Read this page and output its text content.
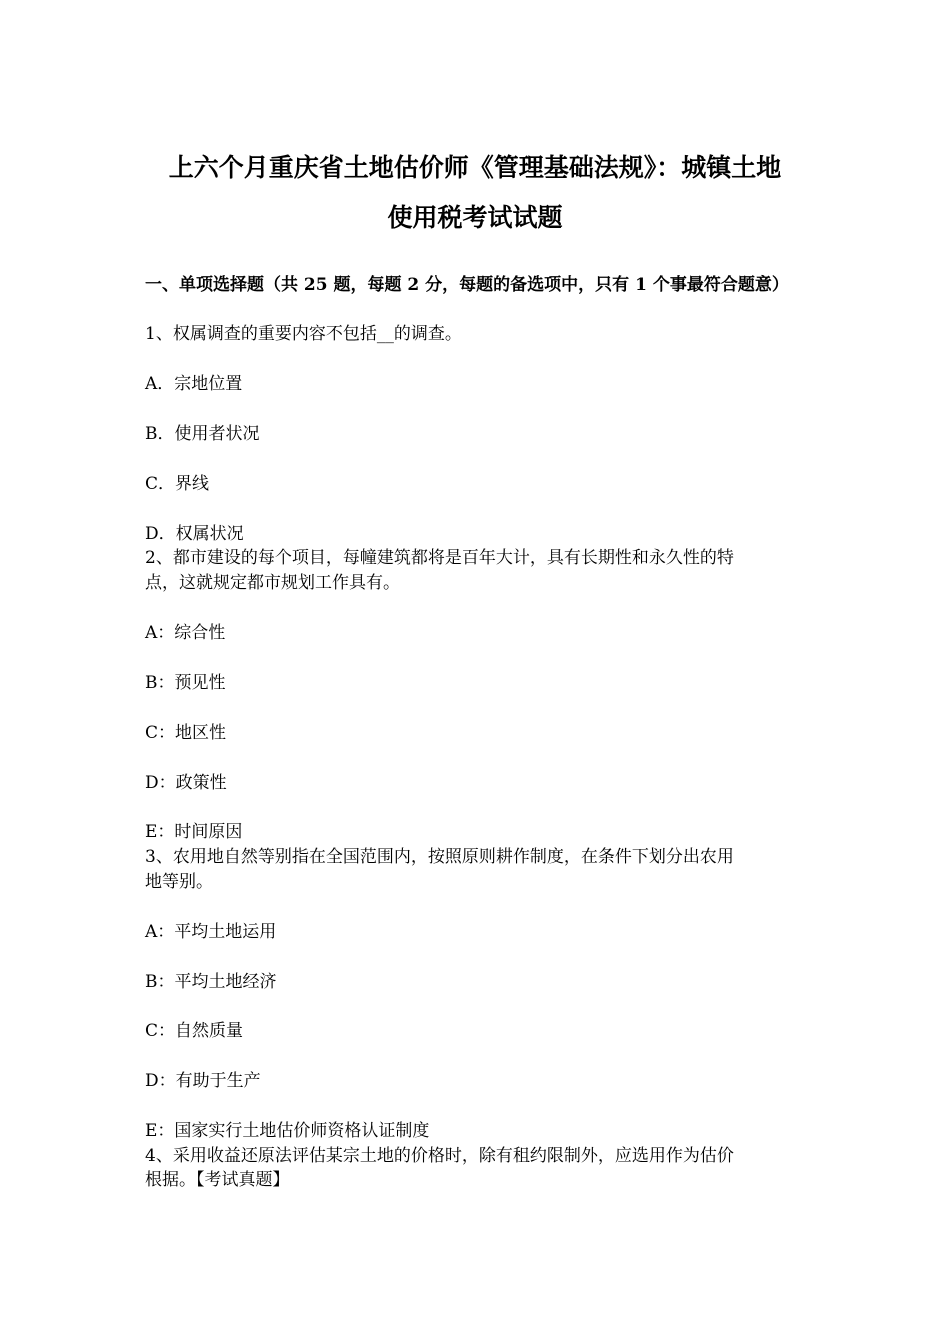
上六个月重庆省土地估价师《管理基础法规》：城镇土地
使用税考试试题
一、单项选择题（共 25 题，每题 2 分，每题的备选项中，只有 1 个事最符合题意）
1、权属调查的重要内容不包括__的调查。
A．宗地位置
B．使用者状况
C．界线
D．权属状况
2、都市建设的每个项目，每幢建筑都将是百年大计，具有长期性和永久性的特
点，这就规定都市规划工作具有。
A：综合性
B：预见性
C：地区性
D：政策性
E：时间原因
3、农用地自然等别指在全国范围内，按照原则耕作制度，在条件下划分出农用
地等别。
A：平均土地运用
B：平均土地经济
C：自然质量
D：有助于生产
E：国家实行土地估价师资格认证制度
4、采用收益还原法评估某宗土地的价格时，除有租约限制外，应选用作为估价
根据。【考试真题】
